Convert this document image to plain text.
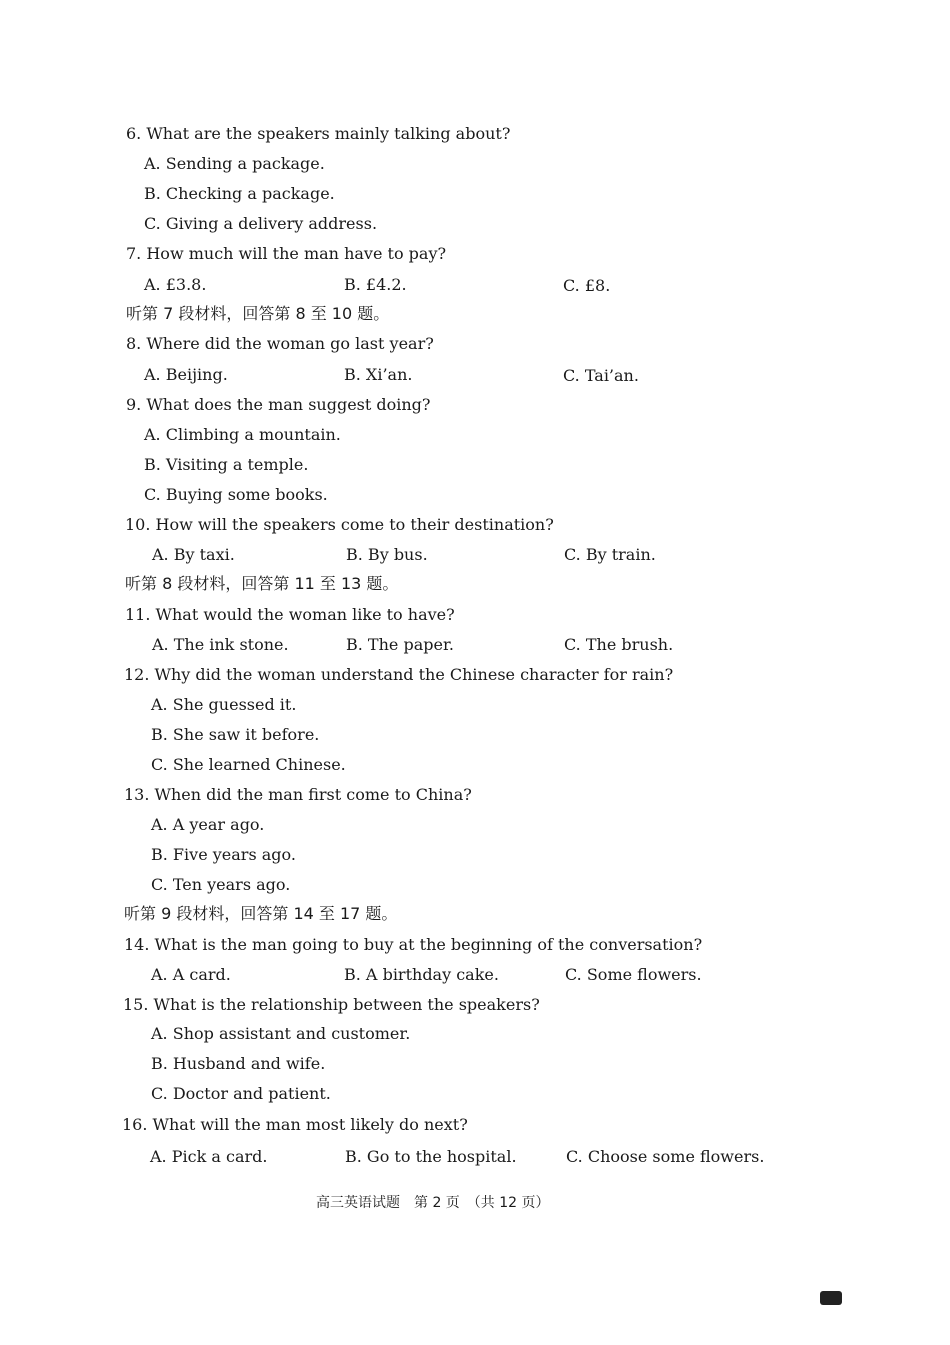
6. What are the speakers mainly talking about?
A. Sending a package.
B. Checking a package.
C. Giving a delivery address.
7. How much will the man have to pay?
A. £3.8.	B. £4.2.	C. £8.
听第 7 段材料，回答第 8 至 10 题。
8. Where did the woman go last year?
A. Beijing.	B. Xi’an.	C. Tai’an.
9. What does the man suggest doing?
A. Climbing a mountain.
B. Visiting a temple.
C. Buying some books.
10. How will the speakers come to their destination?
A. By taxi.	B. By bus.	C. By train.
听第 8 段材料，回答第 11 至 13 题。
11. What would the woman like to have?
A. The ink stone.	B. The paper.	C. The brush.
12. Why did the woman understand the Chinese character for rain?
A. She guessed it.
B. She saw it before.
C. She learned Chinese.
13. When did the man first come to China?
A. A year ago.
B. Five years ago.
C. Ten years ago.
听第 9 段材料，回答第 14 至 17 题。
14. What is the man going to buy at the beginning of the conversation?
A. A card.	B. A birthday cake.	C. Some flowers.
15. What is the relationship between the speakers?
A. Shop assistant and customer.
B. Husband and wife.
C. Doctor and patient.
16. What will the man most likely do next?
A. Pick a card.	B. Go to the hospital.	C. Choose some flowers.
高三英语试题　第 2 页　（共 12 页）
